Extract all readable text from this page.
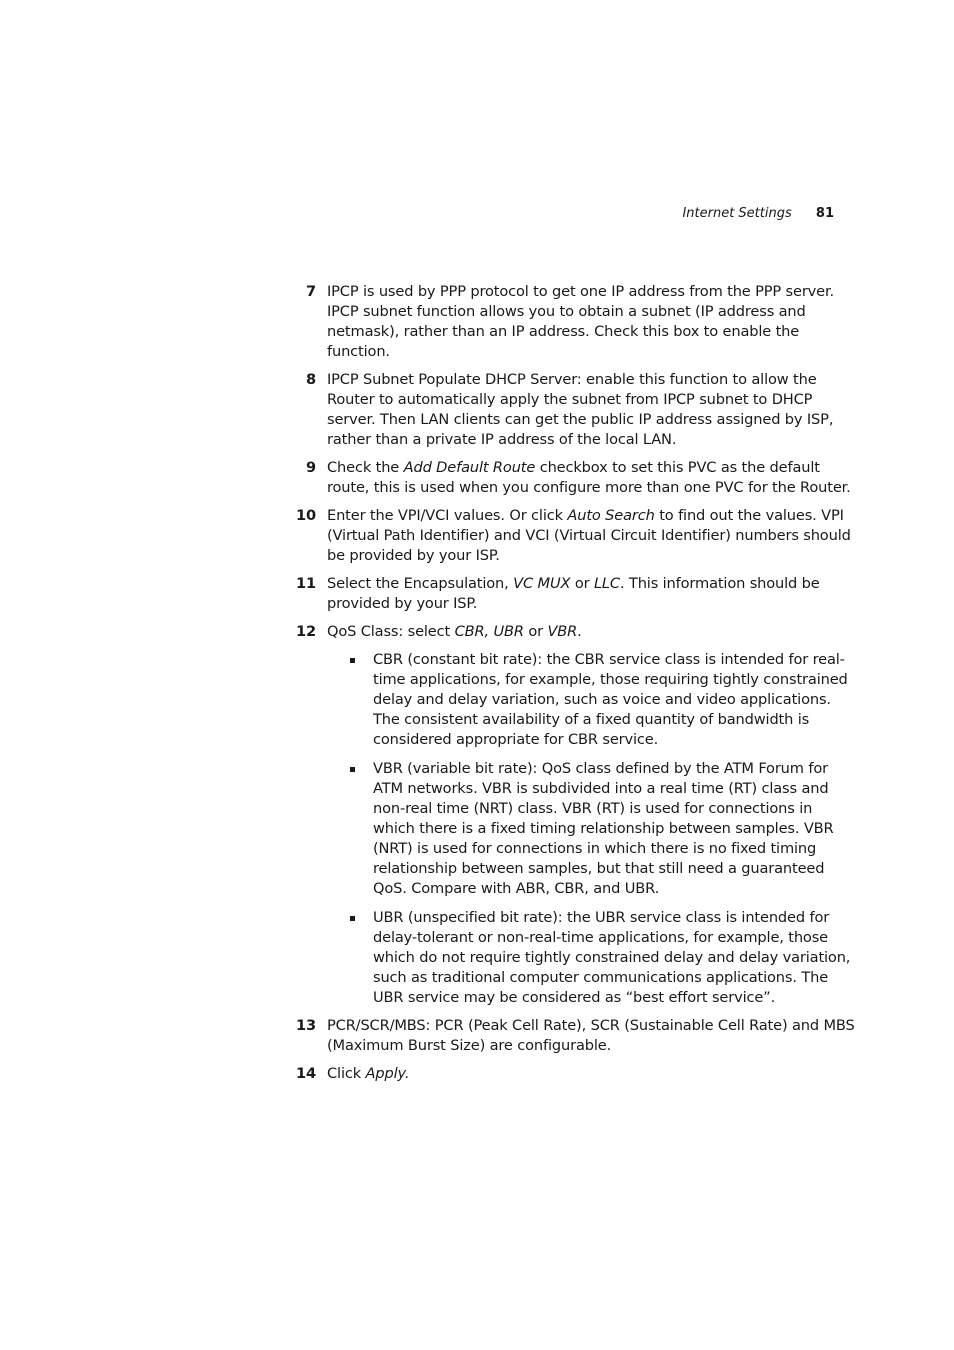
Internet Settings 81
7 IPCP is used by PPP protocol to get one IP address from the PPP server. IPCP subnet function allows you to obtain a subnet (IP address and netmask), rather than an IP address. Check this box to enable the function.
8 IPCP Subnet Populate DHCP Server: enable this function to allow the Router to automatically apply the subnet from IPCP subnet to DHCP server. Then LAN clients can get the public IP address assigned by ISP, rather than a private IP address of the local LAN.
9 Check the Add Default Route checkbox to set this PVC as the default route, this is used when you configure more than one PVC for the Router.
10 Enter the VPI/VCI values. Or click Auto Search to find out the values. VPI (Virtual Path Identifier) and VCI (Virtual Circuit Identifier) numbers should be provided by your ISP.
11 Select the Encapsulation, VC MUX or LLC. This information should be provided by your ISP.
12 QoS Class: select CBR, UBR or VBR.
CBR (constant bit rate): the CBR service class is intended for real-time applications, for example, those requiring tightly constrained delay and delay variation, such as voice and video applications. The consistent availability of a fixed quantity of bandwidth is considered appropriate for CBR service.
VBR (variable bit rate): QoS class defined by the ATM Forum for ATM networks. VBR is subdivided into a real time (RT) class and non-real time (NRT) class. VBR (RT) is used for connections in which there is a fixed timing relationship between samples. VBR (NRT) is used for connections in which there is no fixed timing relationship between samples, but that still need a guaranteed QoS. Compare with ABR, CBR, and UBR.
UBR (unspecified bit rate): the UBR service class is intended for delay-tolerant or non-real-time applications, for example, those which do not require tightly constrained delay and delay variation, such as traditional computer communications applications. The UBR service may be considered as “best effort service”.
13 PCR/SCR/MBS: PCR (Peak Cell Rate), SCR (Sustainable Cell Rate) and MBS (Maximum Burst Size) are configurable.
14 Click Apply.
